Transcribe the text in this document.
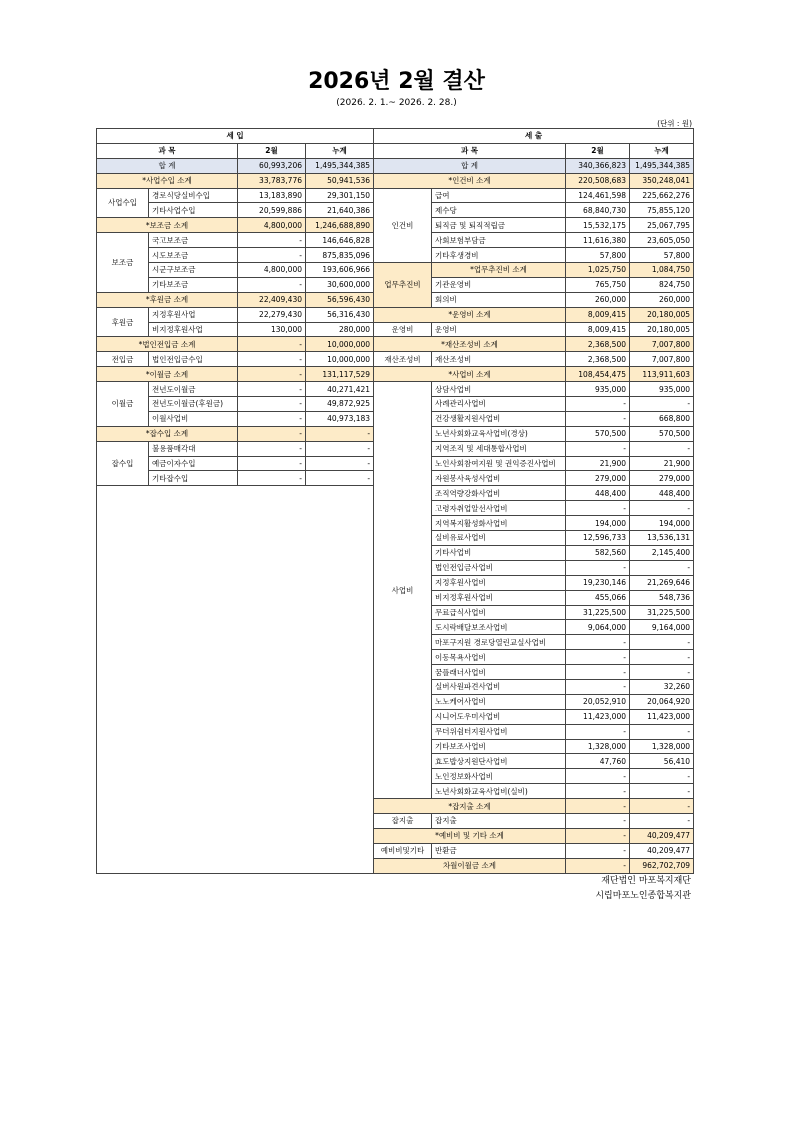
2026년 2월 결산
(2026. 2. 1.~ 2026. 2. 28.)
(단위 : 원)
세 입			
과 목		2월	누계
합 계		60,993,206	1,495,344,385
*사업수입 소계		33,783,776	50,941,536
사업수입	경로식당실비수입	13,183,890	29,301,150
	기타사업수입	20,599,886	21,640,386
*보조금 소계		4,800,000	1,246,688,890
보조금	국고보조금	-	146,646,828
	시도보조금	-	875,835,096
	시군구보조금	4,800,000	193,606,966
	기타보조금	-	30,600,000
*후원금 소계		22,409,430	56,596,430
후원금	지정후원사업	22,279,430	56,316,430
	비지정후원사업	130,000	280,000
*법인전입금 소계		-	10,000,000
전입금	법인전입금수입	-	10,000,000
*이월금 소계		-	131,117,529
이월금	전년도이월금	-	40,271,421
	전년도이월금(후원금)	-	49,872,925
	이월사업비	-	40,973,183
*잡수입 소계		-	-
잡수입	불용품매각대	-	-
	예금이자수입	-	-
	기타잡수입	-	-

세 출			
과 목		2월	누계
합 계		340,366,823	1,495,344,385
*인건비 소계		220,508,683	350,248,041
인건비	급여	124,461,598	225,662,276
	제수당	68,840,730	75,855,120
	퇴직금 및 퇴직적립금	15,532,175	25,067,795
	사회보험부담금	11,616,380	23,605,050
	기타후생경비	57,800	57,800
업무추진비	*업무추진비 소계	1,025,750	1,084,750
	기관운영비	765,750	824,750
	회의비	260,000	260,000
*운영비 소계		8,009,415	20,180,005
운영비	운영비	8,009,415	20,180,005
*재산조성비 소계		2,368,500	7,007,800
재산조성비	재산조성비	2,368,500	7,007,800
*사업비 소계		108,454,475	113,911,603
사업비	상담사업비	935,000	935,000
	사례관리사업비	-	-
	건강생활지원사업비	-	668,800
	노년사회화교육사업비(경상)	570,500	570,500
	지역조직 및 세대통합사업비	-	-
	노인사회참여지원 및 권익증진사업비	21,900	21,900
	자원봉사육성사업비	279,000	279,000
	조직역량강화사업비	448,400	448,400
	고령자취업알선사업비	-	-
	지역복지활성화사업비	194,000	194,000
	실비유료사업비	12,596,733	13,536,131
	기타사업비	582,560	2,145,400
	법인전입금사업비	-	-
	지정후원사업비	19,230,146	21,269,646
	비지정후원사업비	455,066	548,736
	무료급식사업비	31,225,500	31,225,500
	도시락배달보조사업비	9,064,000	9,164,000
	마포구지원 경로당열린교실사업비	-	-
	이동목욕사업비	-	-
	꿈플래너사업비	-	-
	실버사원파견사업비	-	32,260
	노노케어사업비	20,052,910	20,064,920
	시니어도우미사업비	11,423,000	11,423,000
	무더위쉼터지원사업비	-	-
	기타보조사업비	1,328,000	1,328,000
	효도밥상지원단사업비	47,760	56,410
	노인정보화사업비	-	-
	노년사회화교육사업비(실비)	-	-
*잡지출 소계		-	-
잡지출	잡지출	-	-
*예비비 및 기타 소계		-	40,209,477
예비비및기타	반환금	-	40,209,477
차월이월금 소계		-	962,702,709
재단법인 마포복지재단
시립마포노인종합복지관
